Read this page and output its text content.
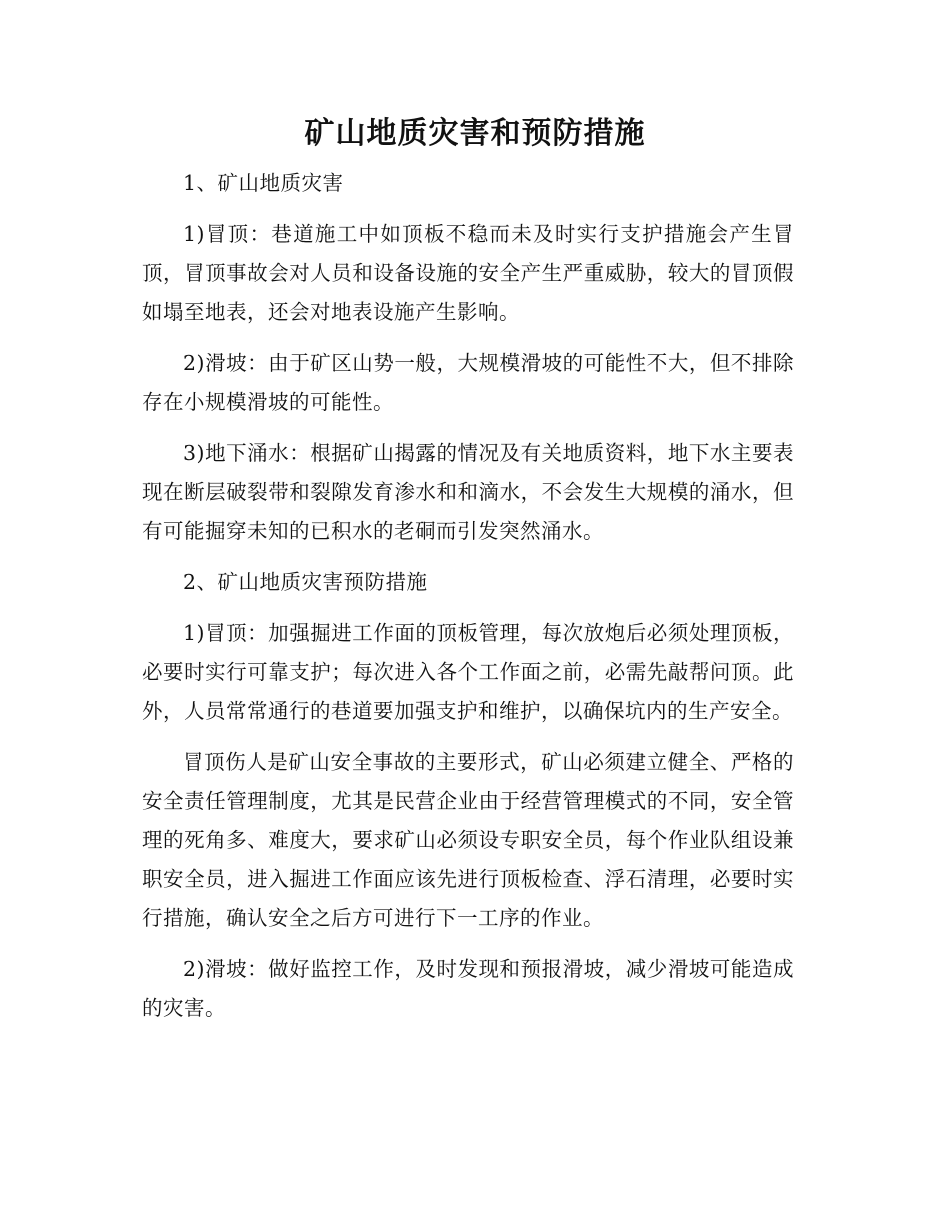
矿山地质灾害和预防措施

1、矿山地质灾害

1)冒顶：巷道施工中如顶板不稳而未及时实行支护措施会产生冒顶，冒顶事故会对人员和设备设施的安全产生严重威胁，较大的冒顶假如塌至地表，还会对地表设施产生影响。

2)滑坡：由于矿区山势一般，大规模滑坡的可能性不大，但不排除存在小规模滑坡的可能性。

3)地下涌水：根据矿山揭露的情况及有关地质资料，地下水主要表现在断层破裂带和裂隙发育渗水和和滴水，不会发生大规模的涌水，但有可能掘穿未知的已积水的老硐而引发突然涌水。

2、矿山地质灾害预防措施

1)冒顶：加强掘进工作面的顶板管理，每次放炮后必须处理顶板，必要时实行可靠支护；每次进入各个工作面之前，必需先敲帮问顶。此外，人员常常通行的巷道要加强支护和维护，以确保坑内的生产安全。

冒顶伤人是矿山安全事故的主要形式，矿山必须建立健全、严格的安全责任管理制度，尤其是民营企业由于经营管理模式的不同，安全管理的死角多、难度大，要求矿山必须设专职安全员，每个作业队组设兼职安全员，进入掘进工作面应该先进行顶板检查、浮石清理，必要时实行措施，确认安全之后方可进行下一工序的作业。

2)滑坡：做好监控工作，及时发现和预报滑坡，减少滑坡可能造成的灾害。
